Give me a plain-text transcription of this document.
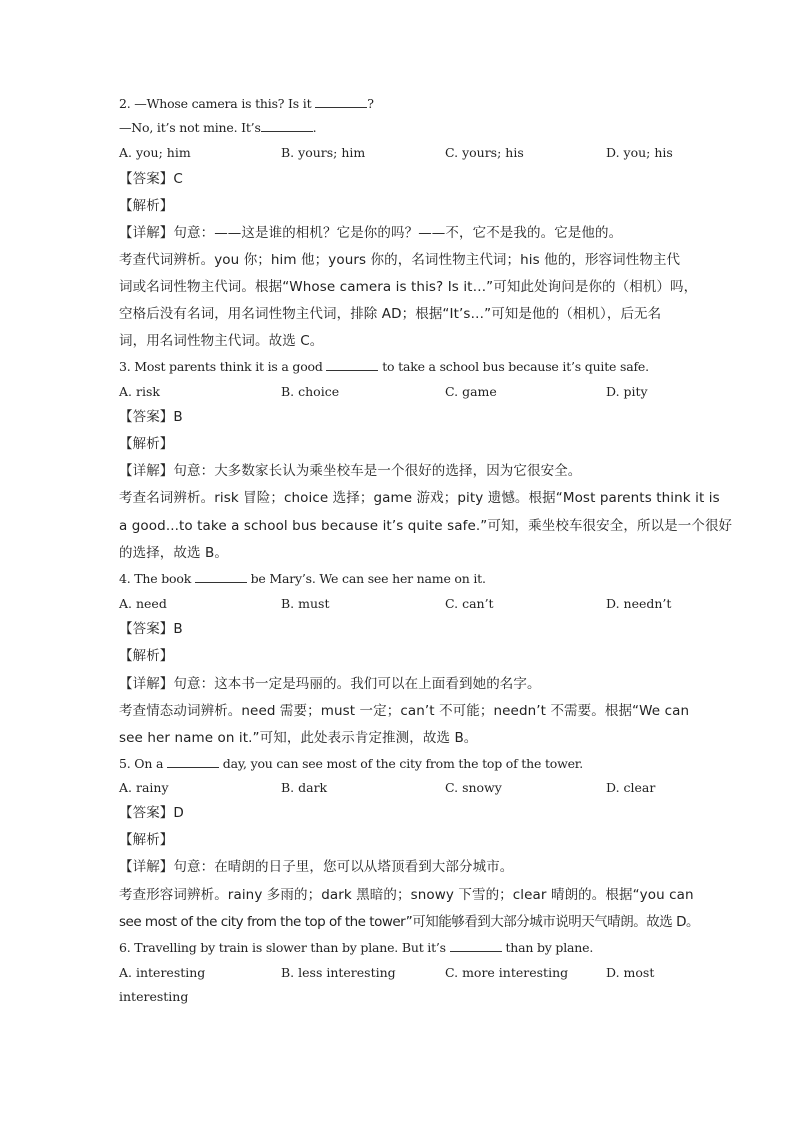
2. —Whose camera is this? Is it	?
—No, it’s not mine. It’s	.
A. you; him	B. yours; him	C. yours; his	D. you; his
【答案】C
【解析】
【详解】句意：——这是谁的相机？它是你的吗？——不，它不是我的。它是他的。
考查代词辨析。you 你；him 他；yours 你的，名词性物主代词；his 他的，形容词性物主代
词或名词性物主代词。根据“Whose camera is this? Is it…”可知此处询问是你的（相机）吗，
空格后没有名词，用名词性物主代词，排除 AD；根据“It’s…”可知是他的（相机），后无名
词，用名词性物主代词。故选 C。
3. Most parents think it is a good	to take a school bus because it’s quite safe.
A. risk	B. choice	C. game	D. pity
【答案】B
【解析】
【详解】句意：大多数家长认为乘坐校车是一个很好的选择，因为它很安全。
考查名词辨析。risk 冒险；choice 选择；game 游戏；pity 遗憾。根据“Most parents think it is
a good...to take a school bus because it’s quite safe.”可知，乘坐校车很安全，所以是一个很好
的选择，故选 B。
4. The book	be Mary’s. We can see her name on it.
A. need	B. must	C. can’t	D. needn’t
【答案】B
【解析】
【详解】句意：这本书一定是玛丽的。我们可以在上面看到她的名字。
考查情态动词辨析。need 需要；must 一定；can’t 不可能；needn’t 不需要。根据“We can
see her name on it.”可知，此处表示肯定推测，故选 B。
5. On a	day, you can see most of the city from the top of the tower.
A. rainy	B. dark	C. snowy	D. clear
【答案】D
【解析】
【详解】句意：在晴朗的日子里，您可以从塔顶看到大部分城市。
考查形容词辨析。rainy 多雨的；dark 黑暗的；snowy 下雪的；clear 晴朗的。根据“you can
see most of the city from the top of the tower”可知能够看到大部分城市说明天气晴朗。故选 D。
6. Travelling by train is slower than by plane. But it’s	than by plane.
A. interesting	B. less interesting	C. more interesting	D. most
interesting
